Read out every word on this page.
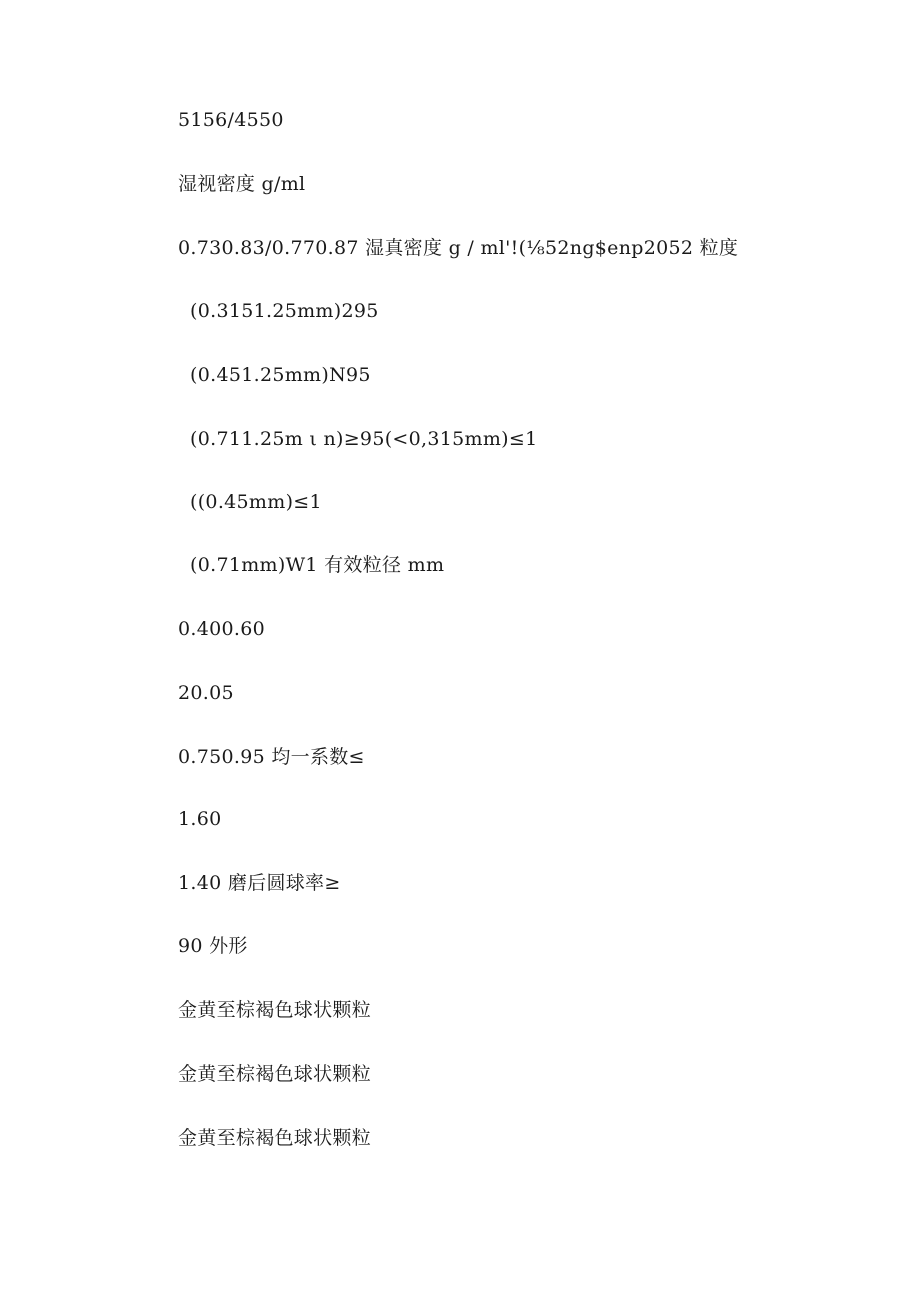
5156/4550
湿视密度 g/ml
0.730.83/0.770.87 湿真密度 g / ml'!(⅛52ng$enp2052 粒度
(0.3151.25mm)295
(0.451.25mm)N95
(0.711.25m ι n)≥95(<0,315mm)≤1
((0.45mm)≤1
(0.71mm)W1 有效粒径 mm
0.400.60
20.05
0.750.95 均一系数≤
1.60
1.40 磨后圆球率≥
90 外形
金黄至棕褐色球状颗粒
金黄至棕褐色球状颗粒
金黄至棕褐色球状颗粒
